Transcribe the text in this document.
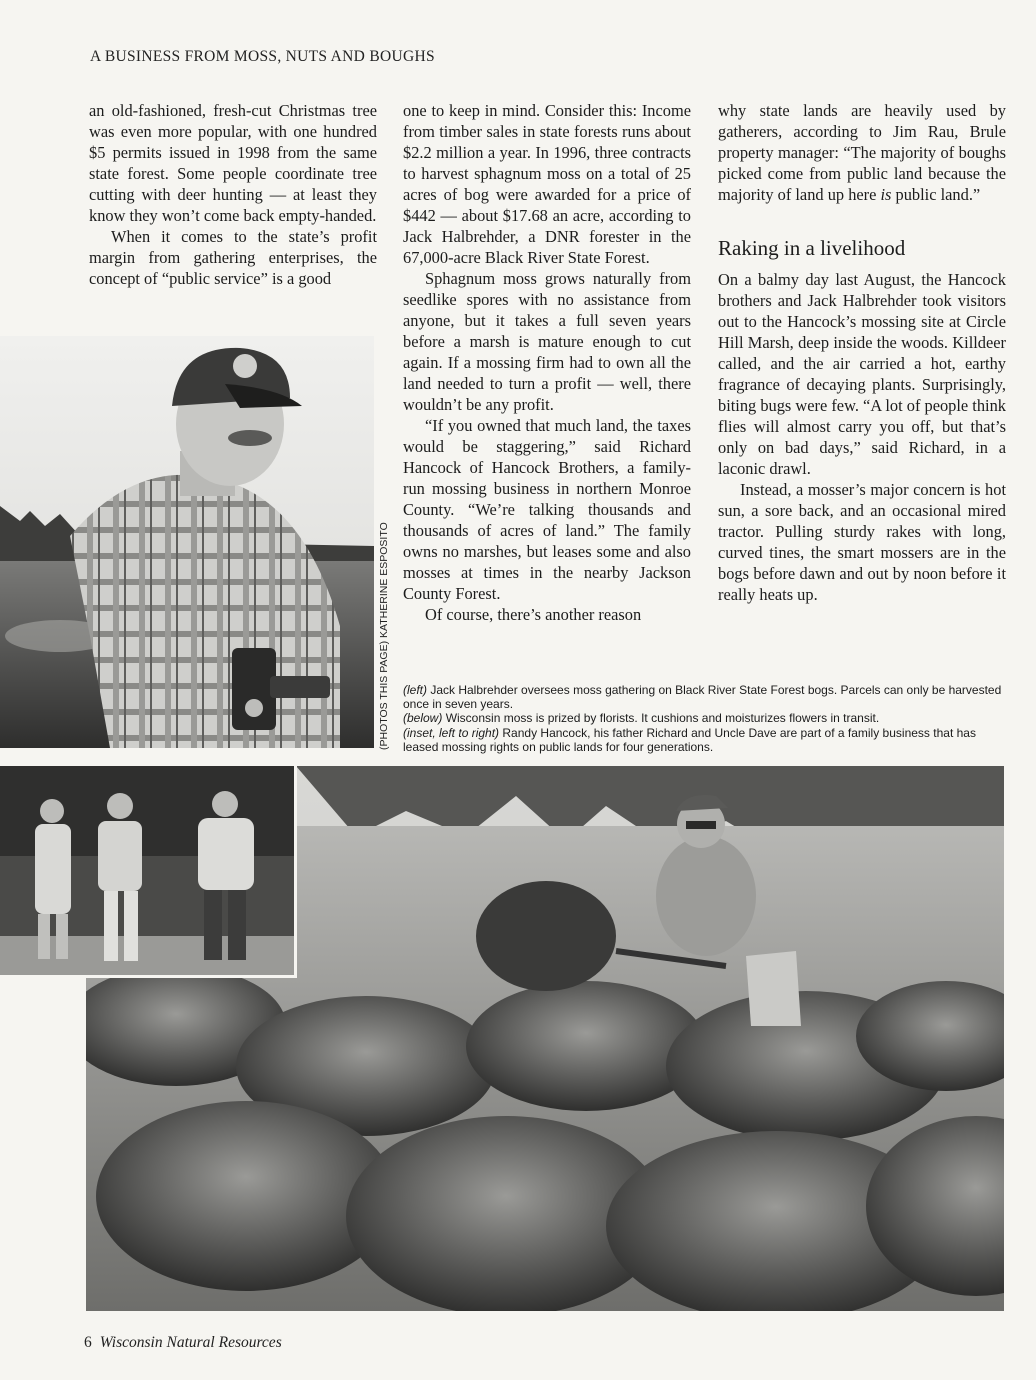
A BUSINESS FROM MOSS, NUTS AND BOUGHS

an old-fashioned, fresh-cut Christmas tree was even more popular, with one hundred $5 permits issued in 1998 from the same state forest. Some people coordinate tree cutting with deer hunting — at least they know they won’t come back empty-handed.

When it comes to the state’s profit margin from gathering enterprises, the concept of “public service” is a good

one to keep in mind. Consider this: Income from timber sales in state forests runs about $2.2 million a year. In 1996, three contracts to harvest sphagnum moss on a total of 25 acres of bog were awarded for a price of $442 — about $17.68 an acre, according to Jack Halbrehder, a DNR forester in the 67,000-acre Black River State Forest.

Sphagnum moss grows naturally from seedlike spores with no assistance from anyone, but it takes a full seven years before a marsh is mature enough to cut again. If a mossing firm had to own all the land needed to turn a profit — well, there wouldn’t be any profit.

“If you owned that much land, the taxes would be staggering,” said Richard Hancock of Hancock Brothers, a family-run mossing business in northern Monroe County. “We’re talking thousands and thousands of acres of land.” The family owns no marshes, but leases some and also mosses at times in the nearby Jackson County Forest.

Of course, there’s another reason

why state lands are heavily used by gatherers, according to Jim Rau, Brule property manager: “The majority of boughs picked come from public land because the majority of land up here is public land.”

Raking in a livelihood

On a balmy day last August, the Hancock brothers and Jack Halbrehder took visitors out to the Hancock’s mossing site at Circle Hill Marsh, deep inside the woods. Killdeer called, and the air carried a hot, earthy fragrance of decaying plants. Surprisingly, biting bugs were few. “A lot of people think flies will almost carry you off, but that’s only on bad days,” said Richard, in a laconic drawl.

Instead, a mosser’s major concern is hot sun, a sore back, and an occasional mired tractor. Pulling sturdy rakes with long, curved tines, the smart mossers are in the bogs before dawn and out by noon before it really heats up.

(PHOTOS THIS PAGE) KATHERINE ESPOSITO (left) Jack Halbrehder oversees moss gathering on Black River State Forest bogs. Parcels can only be harvested once in seven years.

(below) Wisconsin moss is prized by florists. It cushions and moisturizes flowers in transit.

(inset, left to right) Randy Hancock, his father Richard and Uncle Dave are part of a family business that has leased mossing rights on public lands for four generations.

6 Wisconsin Natural Resources
